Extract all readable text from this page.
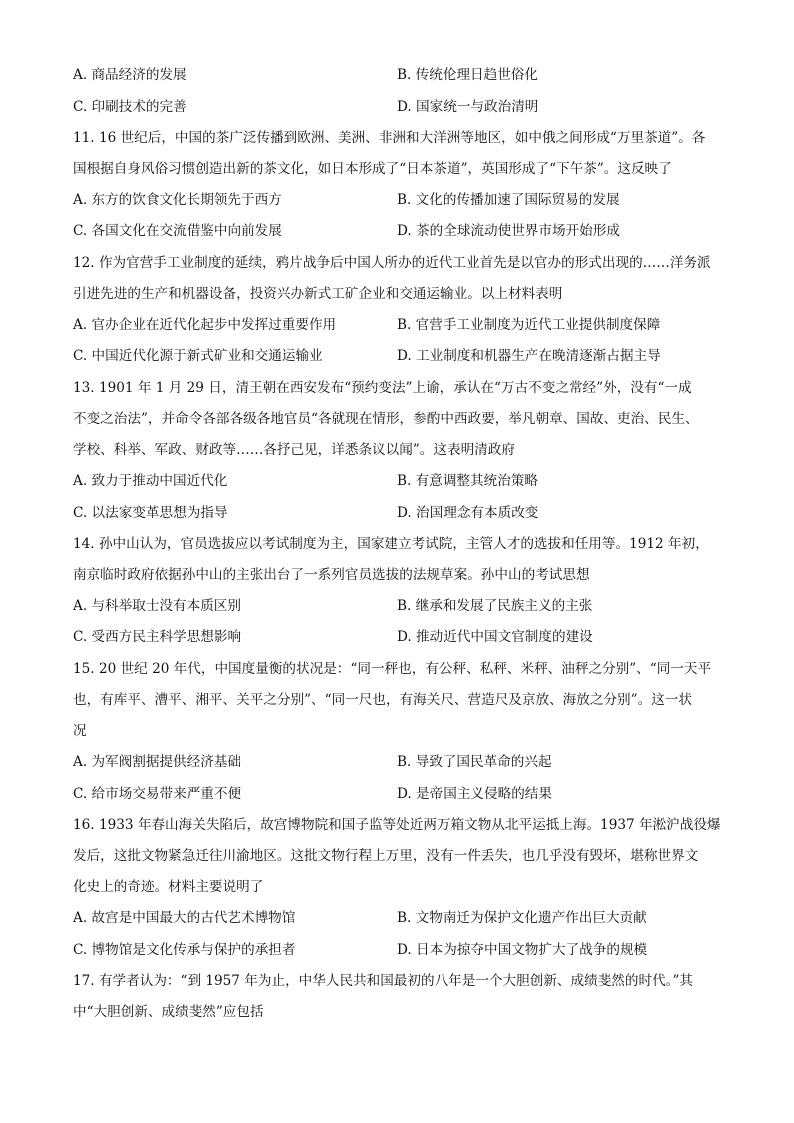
A. 商品经济的发展	B. 传统伦理日趋世俗化
C. 印刷技术的完善	D. 国家统一与政治清明
11. 16 世纪后，中国的茶广泛传播到欧洲、美洲、非洲和大洋洲等地区，如中俄之间形成“万里茶道”。各
国根据自身风俗习惯创造出新的茶文化，如日本形成了“日本茶道”，英国形成了“下午茶”。这反映了
A. 东方的饮食文化长期领先于西方	B. 文化的传播加速了国际贸易的发展
C. 各国文化在交流借鉴中向前发展	D. 茶的全球流动使世界市场开始形成
12. 作为官营手工业制度的延续，鸦片战争后中国人所办的近代工业首先是以官办的形式出现的……洋务派
引进先进的生产和机器设备，投资兴办新式工矿企业和交通运输业。以上材料表明
A. 官办企业在近代化起步中发挥过重要作用	B. 官营手工业制度为近代工业提供制度保障
C. 中国近代化源于新式矿业和交通运输业	D. 工业制度和机器生产在晚清逐渐占据主导
13. 1901 年 1 月 29 日，清王朝在西安发布“预约变法”上谕，承认在“万古不变之常经”外，没有“一成
不变之治法”，并命令各部各级各地官员“各就现在情形，参酌中西政要，举凡朝章、国故、吏治、民生、
学校、科举、军政、财政等……各抒己见，详悉条议以闻”。这表明清政府
A. 致力于推动中国近代化	B. 有意调整其统治策略
C. 以法家变革思想为指导	D. 治国理念有本质改变
14. 孙中山认为，官员选拔应以考试制度为主，国家建立考试院，主管人才的选拔和任用等。1912 年初，
南京临时政府依据孙中山的主张出台了一系列官员选拔的法规草案。孙中山的考试思想
A. 与科举取士没有本质区别	B. 继承和发展了民族主义的主张
C. 受西方民主科学思想影响	D. 推动近代中国文官制度的建设
15. 20 世纪 20 年代，中国度量衡的状况是：“同一秤也，有公秤、私秤、米秤、油秤之分别”、“同一天平
也，有库平、漕平、湘平、关平之分别”、“同一尺也，有海关尺、营造尺及京放、海放之分别”。这一状
况
A. 为军阀割据提供经济基础	B. 导致了国民革命的兴起
C. 给市场交易带来严重不便	D. 是帝国主义侵略的结果
16. 1933 年春山海关失陷后，故宫博物院和国子监等处近两万箱文物从北平运抵上海。1937 年淞沪战役爆
发后，这批文物紧急迁往川渝地区。这批文物行程上万里，没有一件丢失，也几乎没有毁坏，堪称世界文
化史上的奇迹。材料主要说明了
A. 故宫是中国最大的古代艺术博物馆	B. 文物南迁为保护文化遗产作出巨大贡献
C. 博物馆是文化传承与保护的承担者	D. 日本为掠夺中国文物扩大了战争的规模
17. 有学者认为：“到 1957 年为止，中华人民共和国最初的八年是一个大胆创新、成绩斐然的时代。”其
中“大胆创新、成绩斐然”应包括
